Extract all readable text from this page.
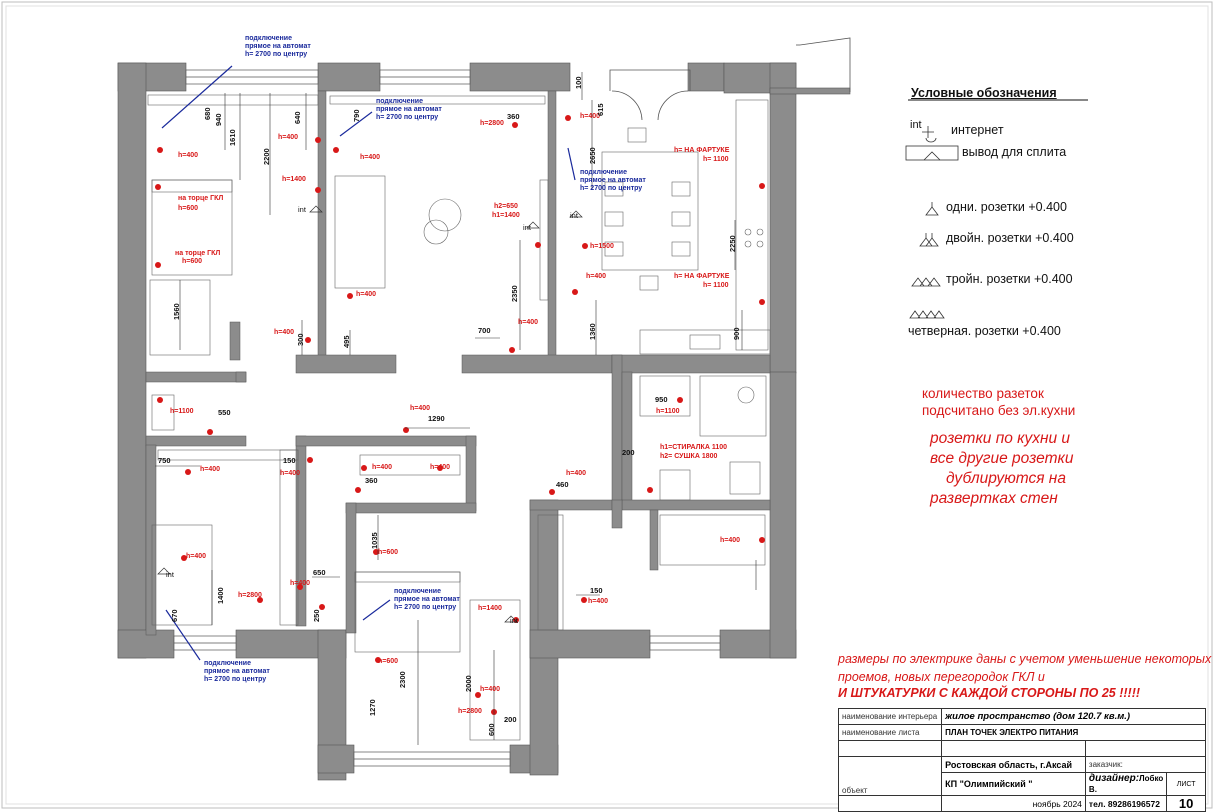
Условные обозначения
int интернет
вывод для сплита
одни. розетки +0.400
двойн. розетки +0.400
тройн. розетки +0.400
четверная. розетки +0.400
количество разеток
подсчитано без эл.кухни
розетки по кухни и
все другие розетки
дублируются на
развертках стен
размеры по электрике даны с учетом уменьшение некоторых
проемов, новых перегородок ГКЛ и
И ШТУКАТУРКИ С КАЖДОЙ СТОРОНЫ ПО 25 !!!!!
подключение
прямое на автомат
h= 2700 по центру
подключение
прямое на автомат
h= 2700 по центру
подключение
прямое на автомат
h= 2700 по центру
подключение
прямое на автомат
h= 2700 по центру
подключение
прямое на автомат
h= 2700 по центру
h=400
h=400
h=1400
на торце ГКЛ
h=600
на торце ГКЛ
h=600
h=400
h=400
h=2800
h=400
h2=650
h1=1400
h=400
h=400
h=1500
h=400
h= НА ФАРТУКЕ
h= 1100
h= НА ФАРТУКЕ
h= 1100
h=1100	h=400
h=400
h=400
h=400	h=400
h=400
h=1100
h1=СТИРАЛКА 1100
h2= СУШКА 1800
h=400
h=2800
h=400
h=600
h=600
h=1400
h=400
h=2800
h=400
h=400
int
int
int
int
int
680 940
1610
2200
640	790	360
100
615
2650
2250
1560
300	495
2350
700	1360	900
550
950
1290
750	150
360	460
200
1035
650
1400
670	250
2300
1270
2000
200
600
150
наименование интерьера	жилое пространство (дом 120.7 кв.м.)		
наименование листа	ПЛАН ТОЧЕК ЭЛЕКТРО ПИТАНИЯ		

объект	Ростовская область, г.Аксай	заказчик:	
	КП "Олимпийский "	дизайнер:Лобко В.	ЛИСТ
	ноябрь 2024	тел. 89286196572	10
